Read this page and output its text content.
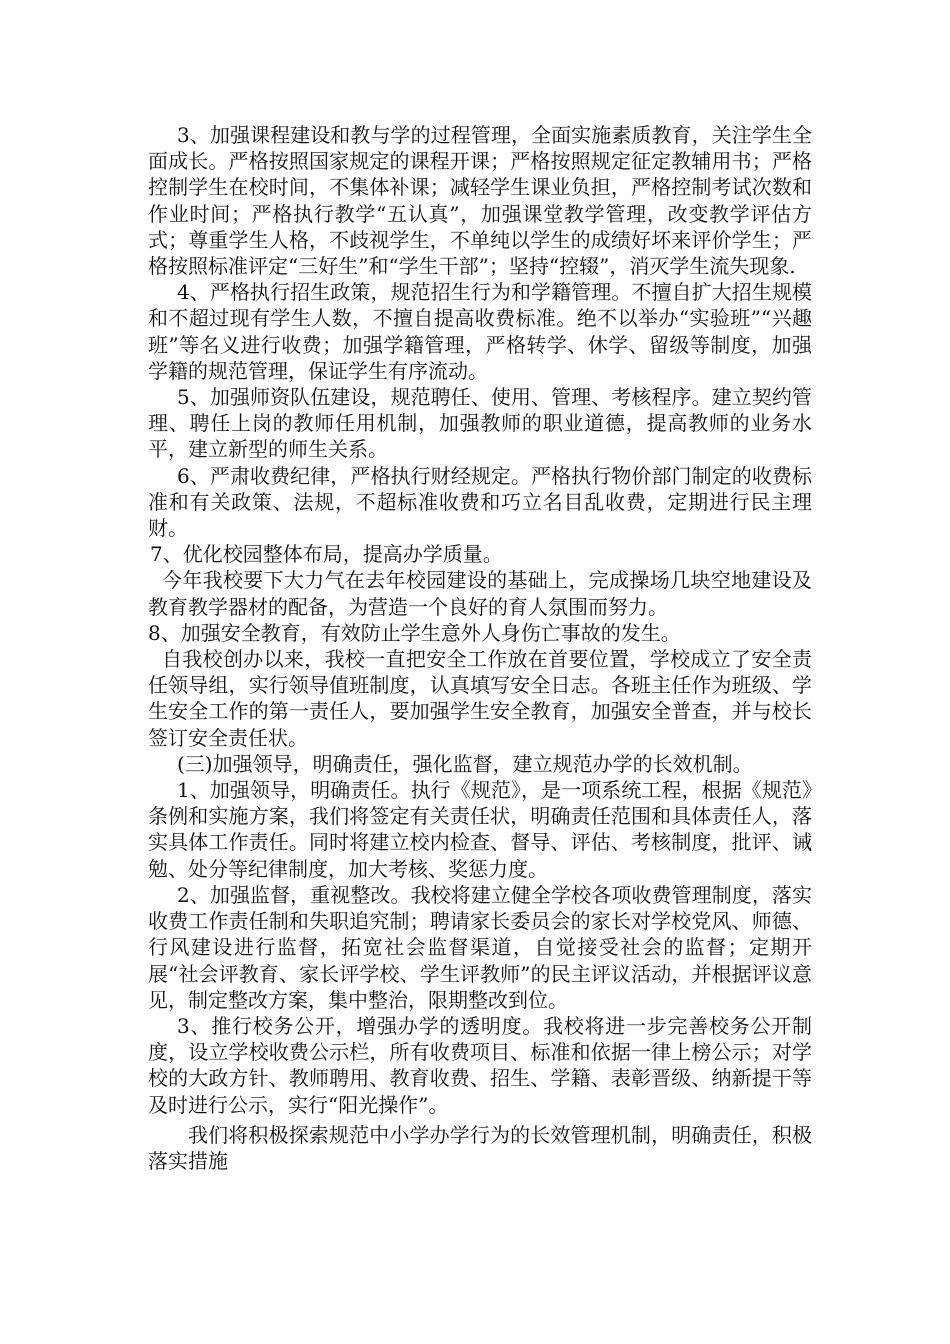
3、加强课程建设和教与学的过程管理，全面实施素质教育，关注学生全面成长。严格按照国家规定的课程开课；严格按照规定征定教辅用书；严格控制学生在校时间，不集体补课；减轻学生课业负担，严格控制考试次数和作业时间；严格执行教学“五认真”，加强课堂教学管理，改变教学评估方式；尊重学生人格，不歧视学生，不单纯以学生的成绩好坏来评价学生；严格按照标准评定“三好生”和“学生干部”；坚持“控辍”，消灭学生流失现象.

4、严格执行招生政策，规范招生行为和学籍管理。不擅自扩大招生规模和不超过现有学生人数，不擅自提高收费标准。绝不以举办“实验班”“兴趣班”等名义进行收费；加强学籍管理，严格转学、休学、留级等制度，加强学籍的规范管理，保证学生有序流动。

5、加强师资队伍建设，规范聘任、使用、管理、考核程序。建立契约管理、聘任上岗的教师任用机制，加强教师的职业道德，提高教师的业务水平，建立新型的师生关系。

6、严肃收费纪律，严格执行财经规定。严格执行物价部门制定的收费标准和有关政策、法规，不超标准收费和巧立名目乱收费，定期进行民主理财。

7、优化校园整体布局，提高办学质量。

今年我校要下大力气在去年校园建设的基础上，完成操场几块空地建设及教育教学器材的配备，为营造一个良好的育人氛围而努力。

8、加强安全教育，有效防止学生意外人身伤亡事故的发生。

自我校创办以来，我校一直把安全工作放在首要位置，学校成立了安全责任领导组，实行领导值班制度，认真填写安全日志。各班主任作为班级、学生安全工作的第一责任人，要加强学生安全教育，加强安全普查，并与校长签订安全责任状。

(三)加强领导，明确责任，强化监督，建立规范办学的长效机制。

1、加强领导，明确责任。执行《规范》，是一项系统工程，根据《规范》条例和实施方案，我们将签定有关责任状，明确责任范围和具体责任人，落实具体工作责任。同时将建立校内检查、督导、评估、考核制度，批评、诫勉、处分等纪律制度，加大考核、奖惩力度。

2、加强监督，重视整改。我校将建立健全学校各项收费管理制度，落实收费工作责任制和失职追究制；聘请家长委员会的家长对学校党风、师德、行风建设进行监督，拓宽社会监督渠道，自觉接受社会的监督；定期开展“社会评教育、家长评学校、学生评教师”的民主评议活动，并根据评议意见，制定整改方案，集中整治，限期整改到位。

3、推行校务公开，增强办学的透明度。我校将进一步完善校务公开制度，设立学校收费公示栏，所有收费项目、标准和依据一律上榜公示；对学校的大政方针、教师聘用、教育收费、招生、学籍、表彰晋级、纳新提干等及时进行公示，实行“阳光操作”。

我们将积极探索规范中小学办学行为的长效管理机制，明确责任，积极落实措施
